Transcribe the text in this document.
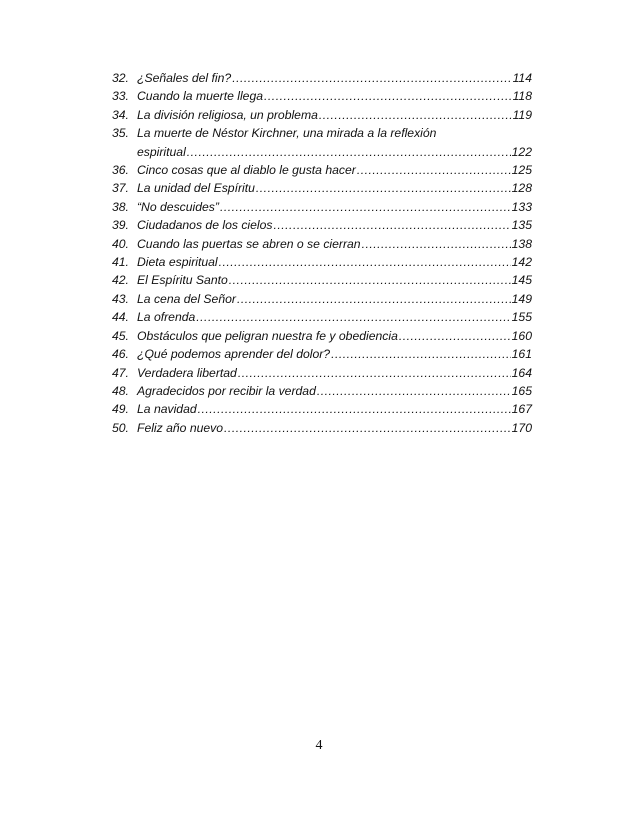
32. ¿Señales del fin? .....	114
33. Cuando la muerte llega .....	118
34. La división religiosa, un problema .....	119
35. La muerte de Néstor Kirchner, una mirada a la reflexión
espiritual .....	122
36. Cinco cosas que al diablo le gusta hacer .....	125
37. La unidad del Espíritu .....	128
38. “No descuides” .....	133
39. Ciudadanos de los cielos .....	135
40. Cuando las puertas se abren o se cierran .....	138
41. Dieta espiritual .....	142
42. El Espíritu Santo .....	145
43. La cena del Señor .....	149
44. La ofrenda .....	155
45. Obstáculos que peligran nuestra fe y obediencia .....	160
46. ¿Qué podemos aprender del dolor? .....	161
47. Verdadera libertad .....	164
48. Agradecidos por recibir la verdad .....	165
49. La navidad .....	167
50. Feliz año nuevo .....	170
4
